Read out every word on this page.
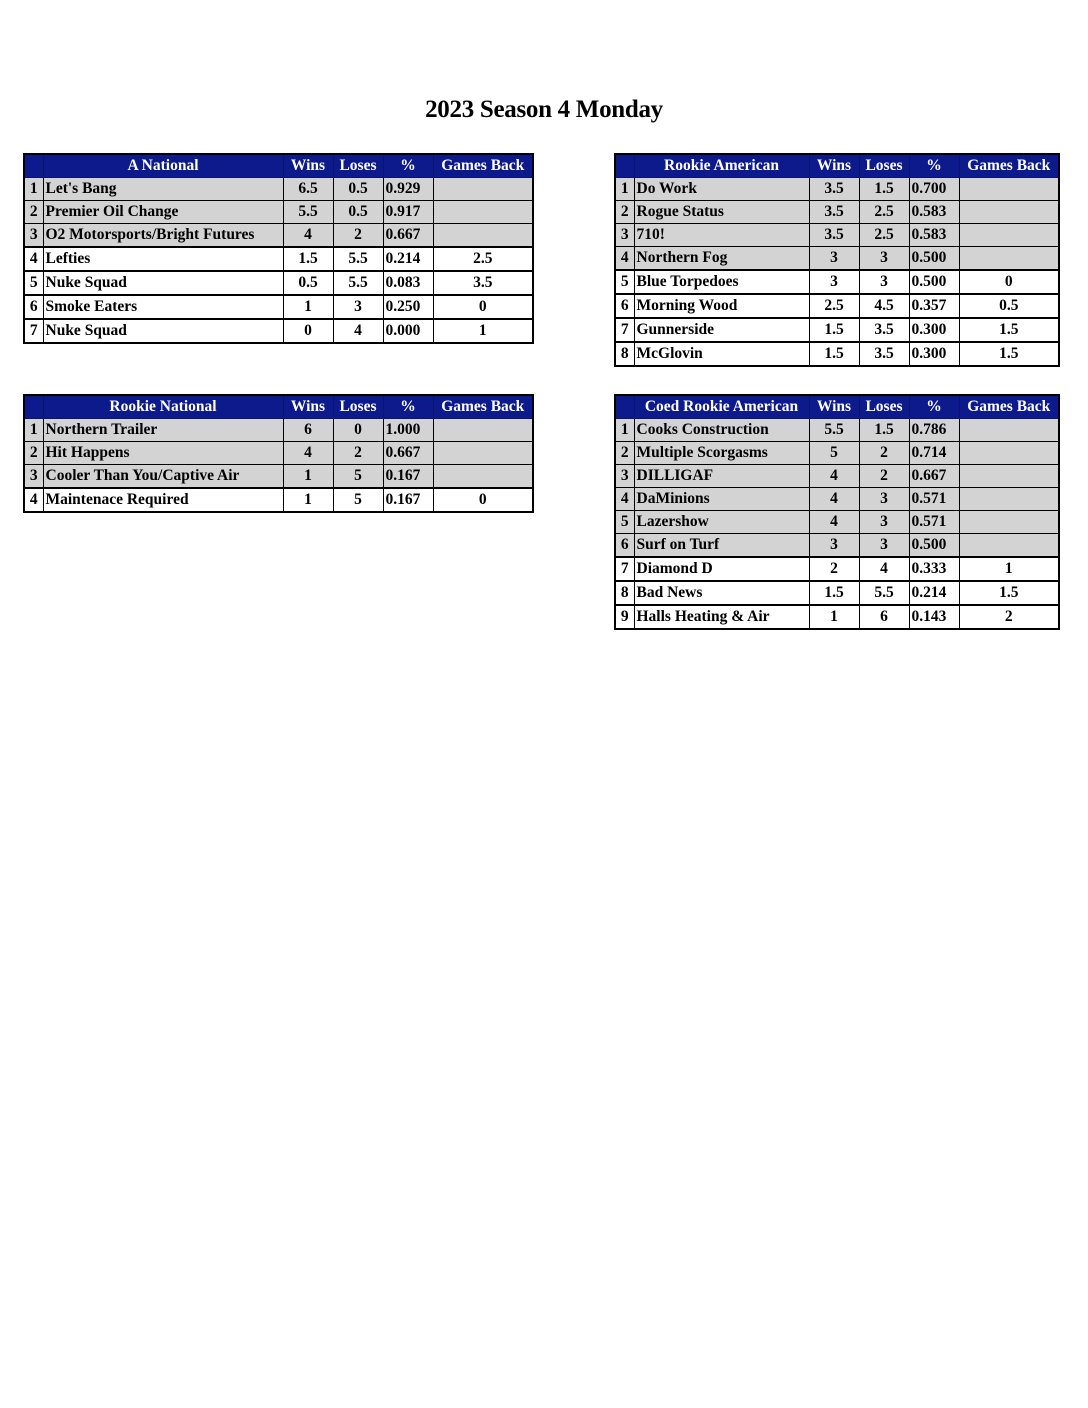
2023 Season 4 Monday
	A National	Wins	Loses	%	Games Back
1	Let's Bang	6.5	0.5	0.929	
2	Premier Oil Change	5.5	0.5	0.917	
3	O2 Motorsports/Bright Futures	4	2	0.667	
4	Lefties	1.5	5.5	0.214	2.5
5	Nuke Squad	0.5	5.5	0.083	3.5
6	Smoke Eaters	1	3	0.250	0
7	Nuke Squad	0	4	0.000	1
	Rookie American	Wins	Loses	%	Games Back
1	Do Work	3.5	1.5	0.700	
2	Rogue Status	3.5	2.5	0.583	
3	710!	3.5	2.5	0.583	
4	Northern Fog	3	3	0.500	
5	Blue Torpedoes	3	3	0.500	0
6	Morning Wood	2.5	4.5	0.357	0.5
7	Gunnerside	1.5	3.5	0.300	1.5
8	McGlovin	1.5	3.5	0.300	1.5
	Rookie National	Wins	Loses	%	Games Back
1	Northern Trailer	6	0	1.000	
2	Hit Happens	4	2	0.667	
3	Cooler Than You/Captive Air	1	5	0.167	
4	Maintenace Required	1	5	0.167	0
	Coed Rookie American	Wins	Loses	%	Games Back
1	Cooks Construction	5.5	1.5	0.786	
2	Multiple Scorgasms	5	2	0.714	
3	DILLIGAF	4	2	0.667	
4	DaMinions	4	3	0.571	
5	Lazershow	4	3	0.571	
6	Surf on Turf	3	3	0.500	
7	Diamond D	2	4	0.333	1
8	Bad News	1.5	5.5	0.214	1.5
9	Halls Heating & Air	1	6	0.143	2
